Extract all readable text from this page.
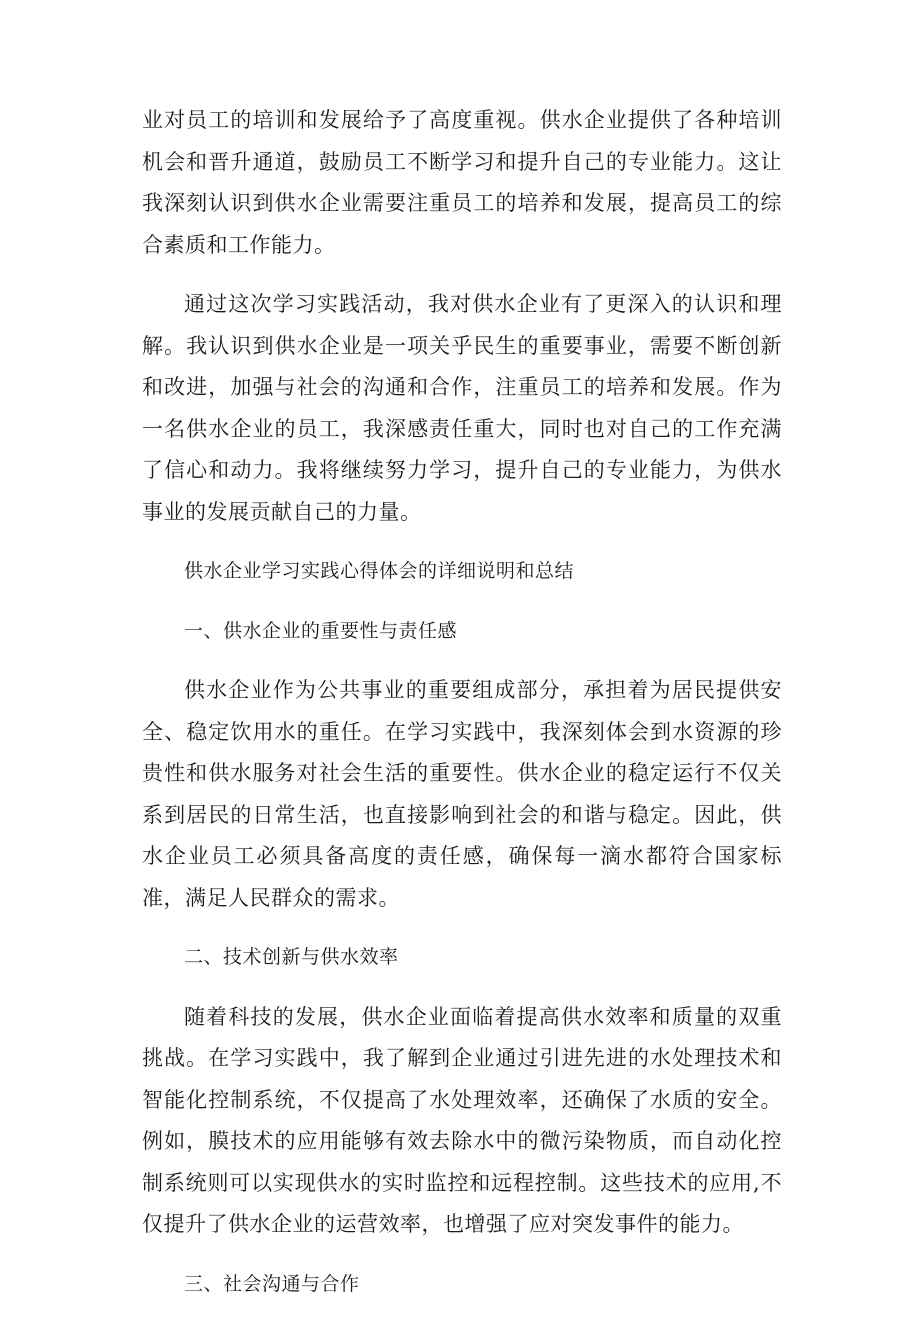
业对员工的培训和发展给予了高度重视。供水企业提供了各种培训机会和晋升通道，鼓励员工不断学习和提升自己的专业能力。这让我深刻认识到供水企业需要注重员工的培养和发展，提高员工的综合素质和工作能力。

通过这次学习实践活动，我对供水企业有了更深入的认识和理解。我认识到供水企业是一项关乎民生的重要事业，需要不断创新和改进，加强与社会的沟通和合作，注重员工的培养和发展。作为一名供水企业的员工，我深感责任重大，同时也对自己的工作充满了信心和动力。我将继续努力学习，提升自己的专业能力，为供水事业的发展贡献自己的力量。

供水企业学习实践心得体会的详细说明和总结

一、供水企业的重要性与责任感

供水企业作为公共事业的重要组成部分，承担着为居民提供安全、稳定饮用水的重任。在学习实践中，我深刻体会到水资源的珍贵性和供水服务对社会生活的重要性。供水企业的稳定运行不仅关系到居民的日常生活，也直接影响到社会的和谐与稳定。因此，供水企业员工必须具备高度的责任感，确保每一滴水都符合国家标准，满足人民群众的需求。

二、技术创新与供水效率

随着科技的发展，供水企业面临着提高供水效率和质量的双重挑战。在学习实践中，我了解到企业通过引进先进的水处理技术和智能化控制系统，不仅提高了水处理效率，还确保了水质的安全。例如，膜技术的应用能够有效去除水中的微污染物质，而自动化控制系统则可以实现供水的实时监控和远程控制。这些技术的应用,不仅提升了供水企业的运营效率，也增强了应对突发事件的能力。

三、社会沟通与合作
